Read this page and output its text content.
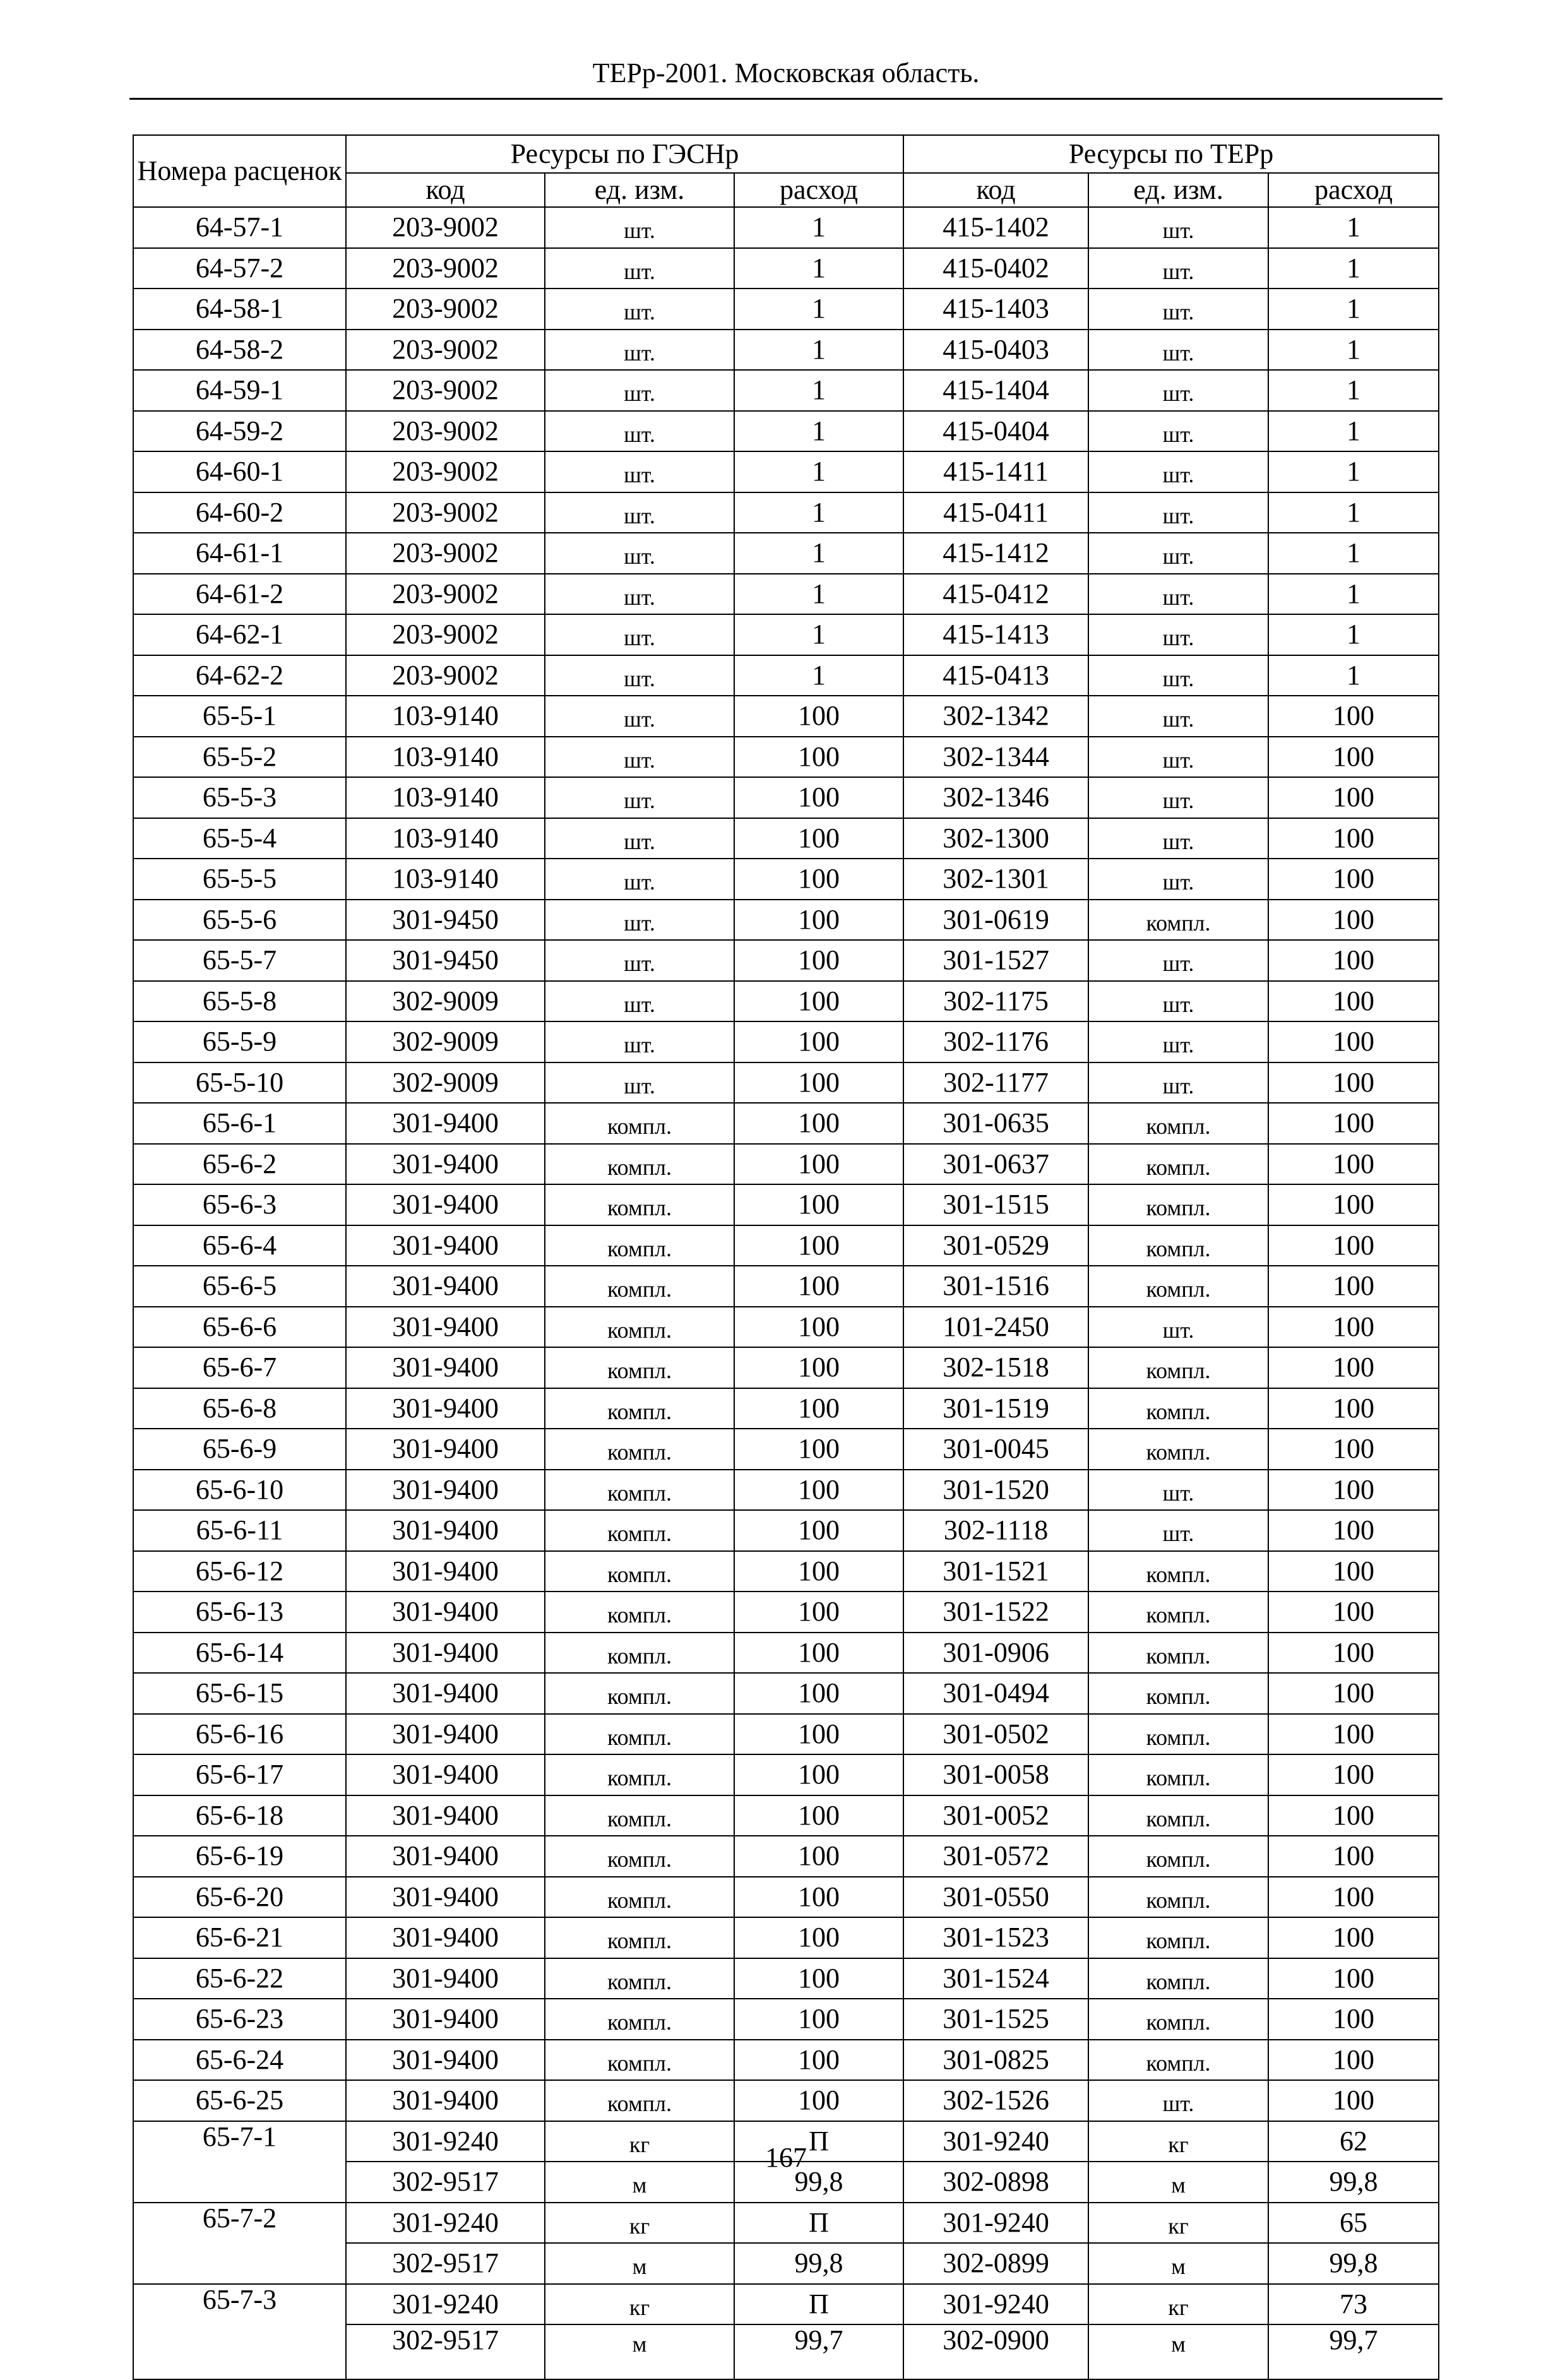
ТЕРр-2001. Московская область.
Номера расценок	Ресурсы по ГЭСНр			Ресурсы по ТЕРр		
	код	ед. изм.	расход	код	ед. изм.	расход
64-57-1	203-9002	шт.	1	415-1402	шт.	1
64-57-2	203-9002	шт.	1	415-0402	шт.	1
64-58-1	203-9002	шт.	1	415-1403	шт.	1
64-58-2	203-9002	шт.	1	415-0403	шт.	1
64-59-1	203-9002	шт.	1	415-1404	шт.	1
64-59-2	203-9002	шт.	1	415-0404	шт.	1
64-60-1	203-9002	шт.	1	415-1411	шт.	1
64-60-2	203-9002	шт.	1	415-0411	шт.	1
64-61-1	203-9002	шт.	1	415-1412	шт.	1
64-61-2	203-9002	шт.	1	415-0412	шт.	1
64-62-1	203-9002	шт.	1	415-1413	шт.	1
64-62-2	203-9002	шт.	1	415-0413	шт.	1
65-5-1	103-9140	шт.	100	302-1342	шт.	100
65-5-2	103-9140	шт.	100	302-1344	шт.	100
65-5-3	103-9140	шт.	100	302-1346	шт.	100
65-5-4	103-9140	шт.	100	302-1300	шт.	100
65-5-5	103-9140	шт.	100	302-1301	шт.	100
65-5-6	301-9450	шт.	100	301-0619	компл.	100
65-5-7	301-9450	шт.	100	301-1527	шт.	100
65-5-8	302-9009	шт.	100	302-1175	шт.	100
65-5-9	302-9009	шт.	100	302-1176	шт.	100
65-5-10	302-9009	шт.	100	302-1177	шт.	100
65-6-1	301-9400	компл.	100	301-0635	компл.	100
65-6-2	301-9400	компл.	100	301-0637	компл.	100
65-6-3	301-9400	компл.	100	301-1515	компл.	100
65-6-4	301-9400	компл.	100	301-0529	компл.	100
65-6-5	301-9400	компл.	100	301-1516	компл.	100
65-6-6	301-9400	компл.	100	101-2450	шт.	100
65-6-7	301-9400	компл.	100	302-1518	компл.	100
65-6-8	301-9400	компл.	100	301-1519	компл.	100
65-6-9	301-9400	компл.	100	301-0045	компл.	100
65-6-10	301-9400	компл.	100	301-1520	шт.	100
65-6-11	301-9400	компл.	100	302-1118	шт.	100
65-6-12	301-9400	компл.	100	301-1521	компл.	100
65-6-13	301-9400	компл.	100	301-1522	компл.	100
65-6-14	301-9400	компл.	100	301-0906	компл.	100
65-6-15	301-9400	компл.	100	301-0494	компл.	100
65-6-16	301-9400	компл.	100	301-0502	компл.	100
65-6-17	301-9400	компл.	100	301-0058	компл.	100
65-6-18	301-9400	компл.	100	301-0052	компл.	100
65-6-19	301-9400	компл.	100	301-0572	компл.	100
65-6-20	301-9400	компл.	100	301-0550	компл.	100
65-6-21	301-9400	компл.	100	301-1523	компл.	100
65-6-22	301-9400	компл.	100	301-1524	компл.	100
65-6-23	301-9400	компл.	100	301-1525	компл.	100
65-6-24	301-9400	компл.	100	301-0825	компл.	100
65-6-25	301-9400	компл.	100	302-1526	шт.	100
65-7-1	301-9240	кг	П	301-9240	кг	62
	302-9517	м	99,8	302-0898	м	99,8
65-7-2	301-9240	кг	П	301-9240	кг	65
	302-9517	м	99,8	302-0899	м	99,8
65-7-3	301-9240	кг	П	301-9240	кг	73
	302-9517	м	99,7	302-0900	м	99,7
167
